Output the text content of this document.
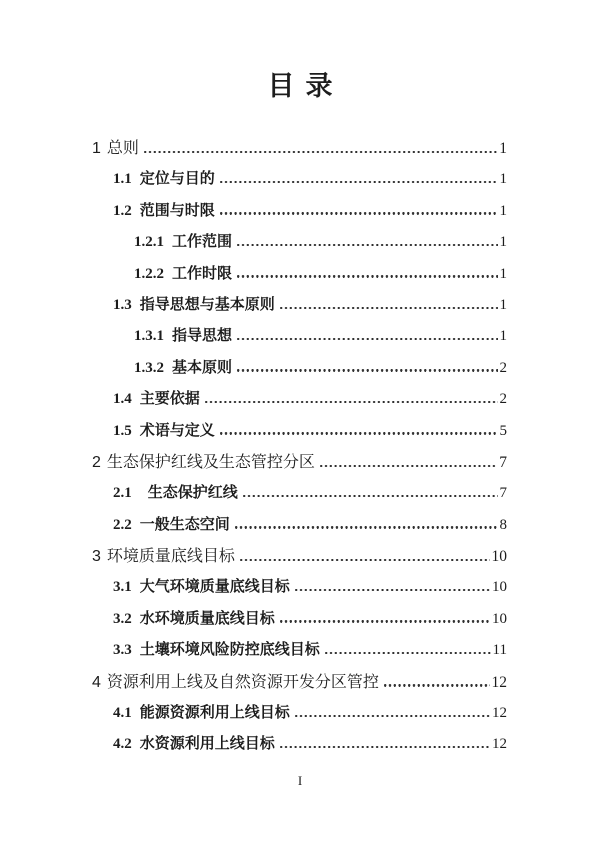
目录
1 总则	1
1.1 定位与目的	1
1.2 范围与时限	1
1.2.1 工作范围	1
1.2.2 工作时限	1
1.3 指导思想与基本原则	1
1.3.1 指导思想	1
1.3.2 基本原则	2
1.4 主要依据	2
1.5 术语与定义	5
2 生态保护红线及生态管控分区	7
2.1 生态保护红线	7
2.2 一般生态空间	8
3 环境质量底线目标	10
3.1 大气环境质量底线目标	10
3.2 水环境质量底线目标	10
3.3 土壤环境风险防控底线目标	11
4 资源利用上线及自然资源开发分区管控	12
4.1 能源资源利用上线目标	12
4.2 水资源利用上线目标	12
I
